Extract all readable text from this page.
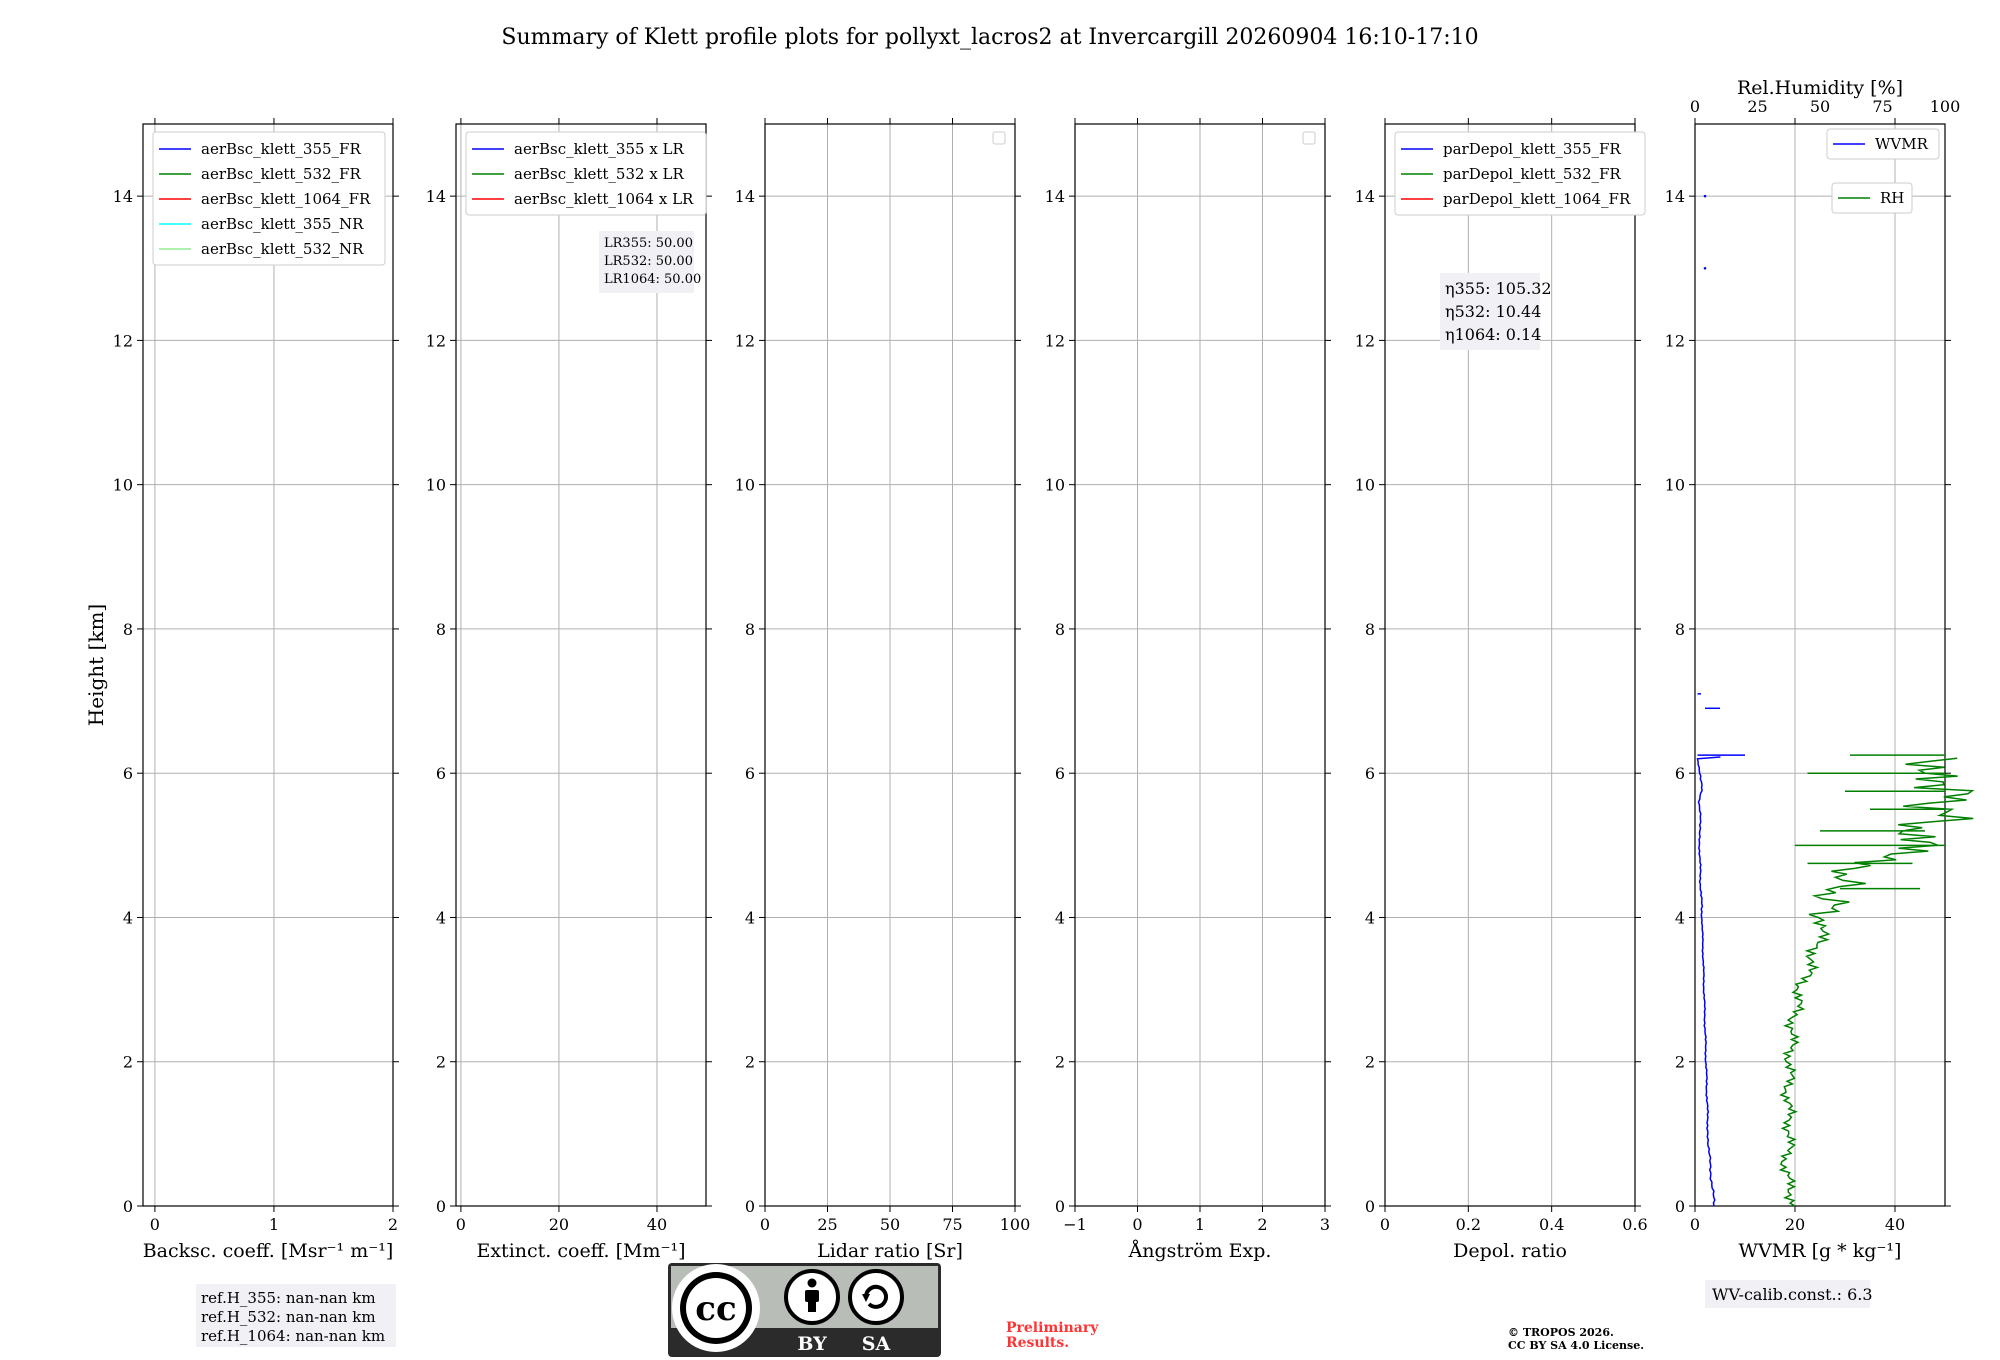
Summary of Klett profile plots for pollyxt_lacros2 at Invercargill 20260904 16:10-17:10
Height [km]
0	1	2
0
2
4
6
8
10
12
14
Backsc. coeff. [Msr⁻¹ m⁻¹]
aerBsc_klett_355_FR
aerBsc_klett_532_FR
aerBsc_klett_1064_FR
aerBsc_klett_355_NR
aerBsc_klett_532_NR
0	20	40
0
2
4
6
8
10
12
14
Extinct. coeff. [Mm⁻¹]
aerBsc_klett_355 x LR
aerBsc_klett_532 x LR
aerBsc_klett_1064 x LR
LR355: 50.00
LR532: 50.00
LR1064: 50.00
0	25	50	75 100
0
2
4
6
8
10
12
14
Lidar ratio [Sr]
−1	0	1	2	3
0
2
4
6
8
10
12
14
Ångström Exp.
0	0.2	0.4	0.6
0
2
4
6
8
10
12
14
Depol. ratio
parDepol_klett_355_FR
parDepol_klett_532_FR
parDepol_klett_1064_FR
η355: 105.32
η532: 10.44
η1064: 0.14
0	20	40
0
2
4
6
8
10
12
14
WVMR [g * kg⁻¹]
0	25	50	75 100
Rel.Humidity [%]
WVMR
RH
ref.H_355: nan-nan km
ref.H_532: nan-nan km
ref.H_1064: nan-nan km
cc
BY SA
Preliminary
Results.
© TROPOS 2026.
CC BY SA 4.0 License.
WV-calib.const.: 6.3
